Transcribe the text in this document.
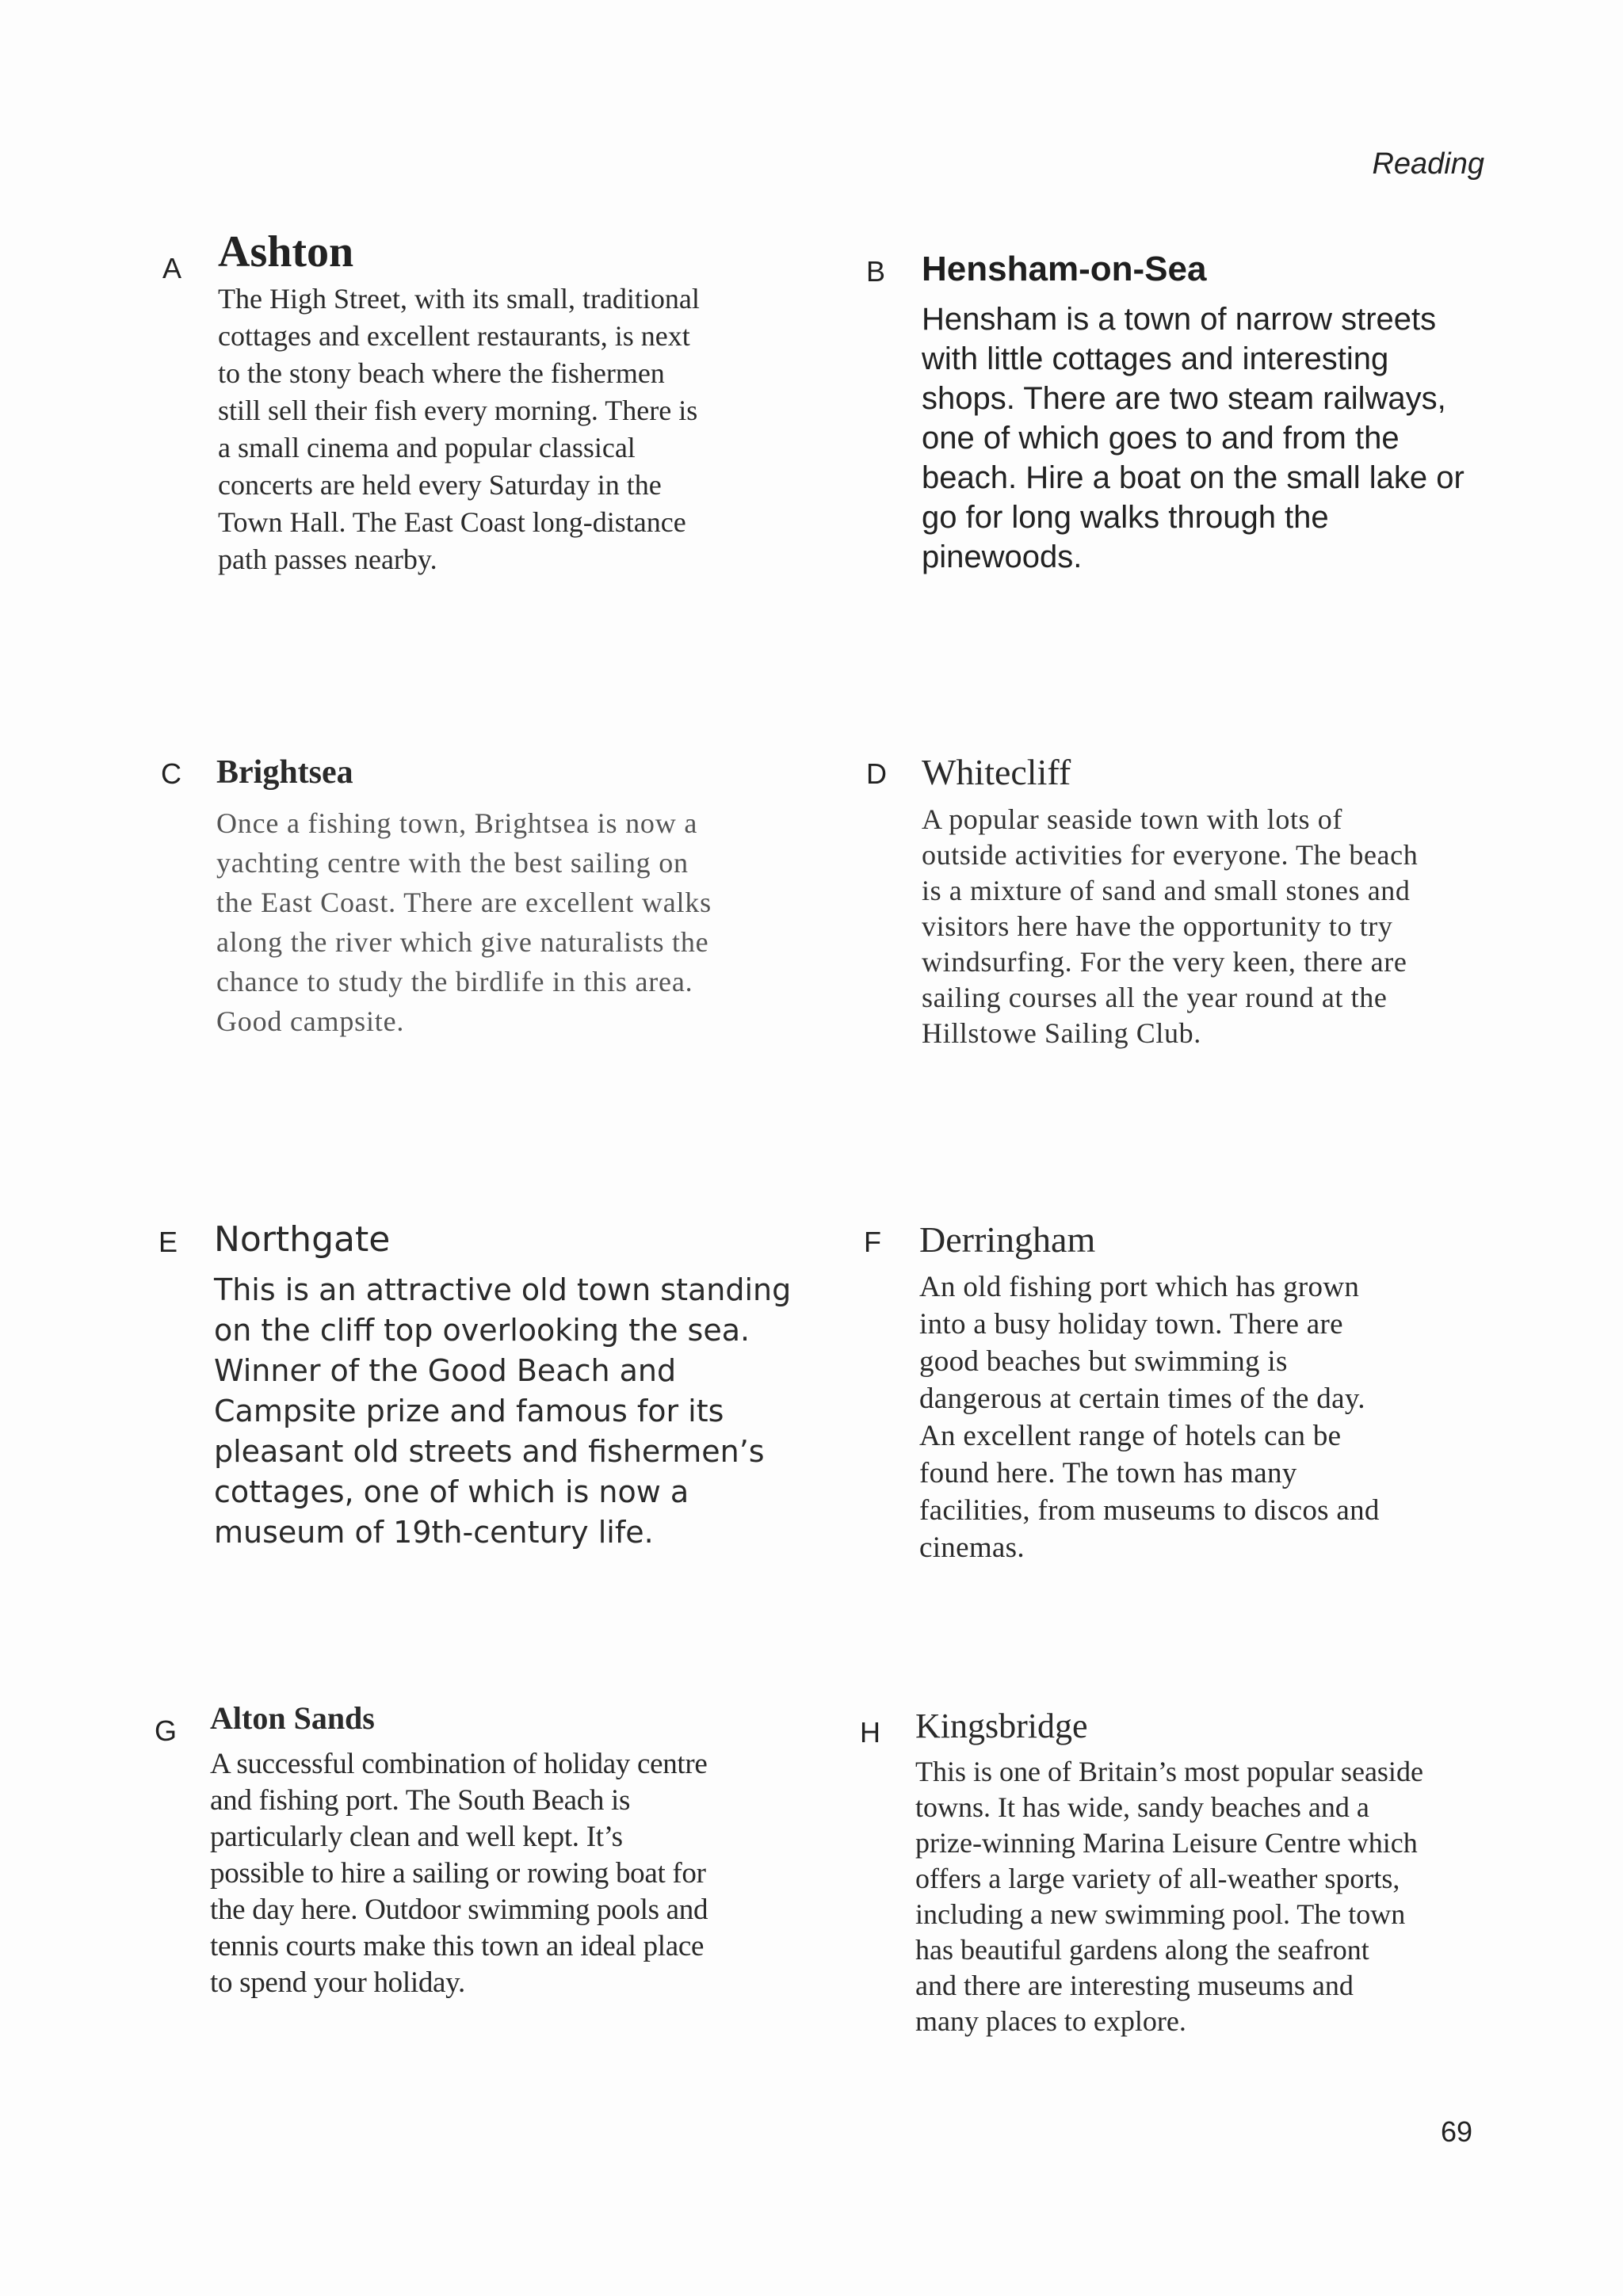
Reading
A Ashton

The High Street, with its small, traditional
cottages and excellent restaurants, is next
to the stony beach where the fishermen
still sell their fish every morning. There is
a small cinema and popular classical
concerts are held every Saturday in the
Town Hall. The East Coast long-distance
path passes nearby.

B Hensham-on-Sea

Hensham is a town of narrow streets
with little cottages and interesting
shops. There are two steam railways,
one of which goes to and from the
beach. Hire a boat on the small lake or
go for long walks through the
pinewoods.

C Brightsea

Once a fishing town, Brightsea is now a
yachting centre with the best sailing on
the East Coast. There are excellent walks
along the river which give naturalists the
chance to study the birdlife in this area.
Good campsite.

D Whitecliff

A popular seaside town with lots of
outside activities for everyone. The beach
is a mixture of sand and small stones and
visitors here have the opportunity to try
windsurfing. For the very keen, there are
sailing courses all the year round at the
Hillstowe Sailing Club.

E Northgate

This is an attractive old town standing
on the cliff top overlooking the sea.
Winner of the Good Beach and
Campsite prize and famous for its
pleasant old streets and fishermen’s
cottages, one of which is now a
museum of 19th-century life.

F Derringham

An old fishing port which has grown
into a busy holiday town. There are
good beaches but swimming is
dangerous at certain times of the day.
An excellent range of hotels can be
found here. The town has many
facilities, from museums to discos and
cinemas.

G Alton Sands

A successful combination of holiday centre
and fishing port. The South Beach is
particularly clean and well kept. It’s
possible to hire a sailing or rowing boat for
the day here. Outdoor swimming pools and
tennis courts make this town an ideal place
to spend your holiday.

H Kingsbridge

This is one of Britain’s most popular seaside
towns. It has wide, sandy beaches and a
prize-winning Marina Leisure Centre which
offers a large variety of all-weather sports,
including a new swimming pool. The town
has beautiful gardens along the seafront
and there are interesting museums and
many places to explore.

69
